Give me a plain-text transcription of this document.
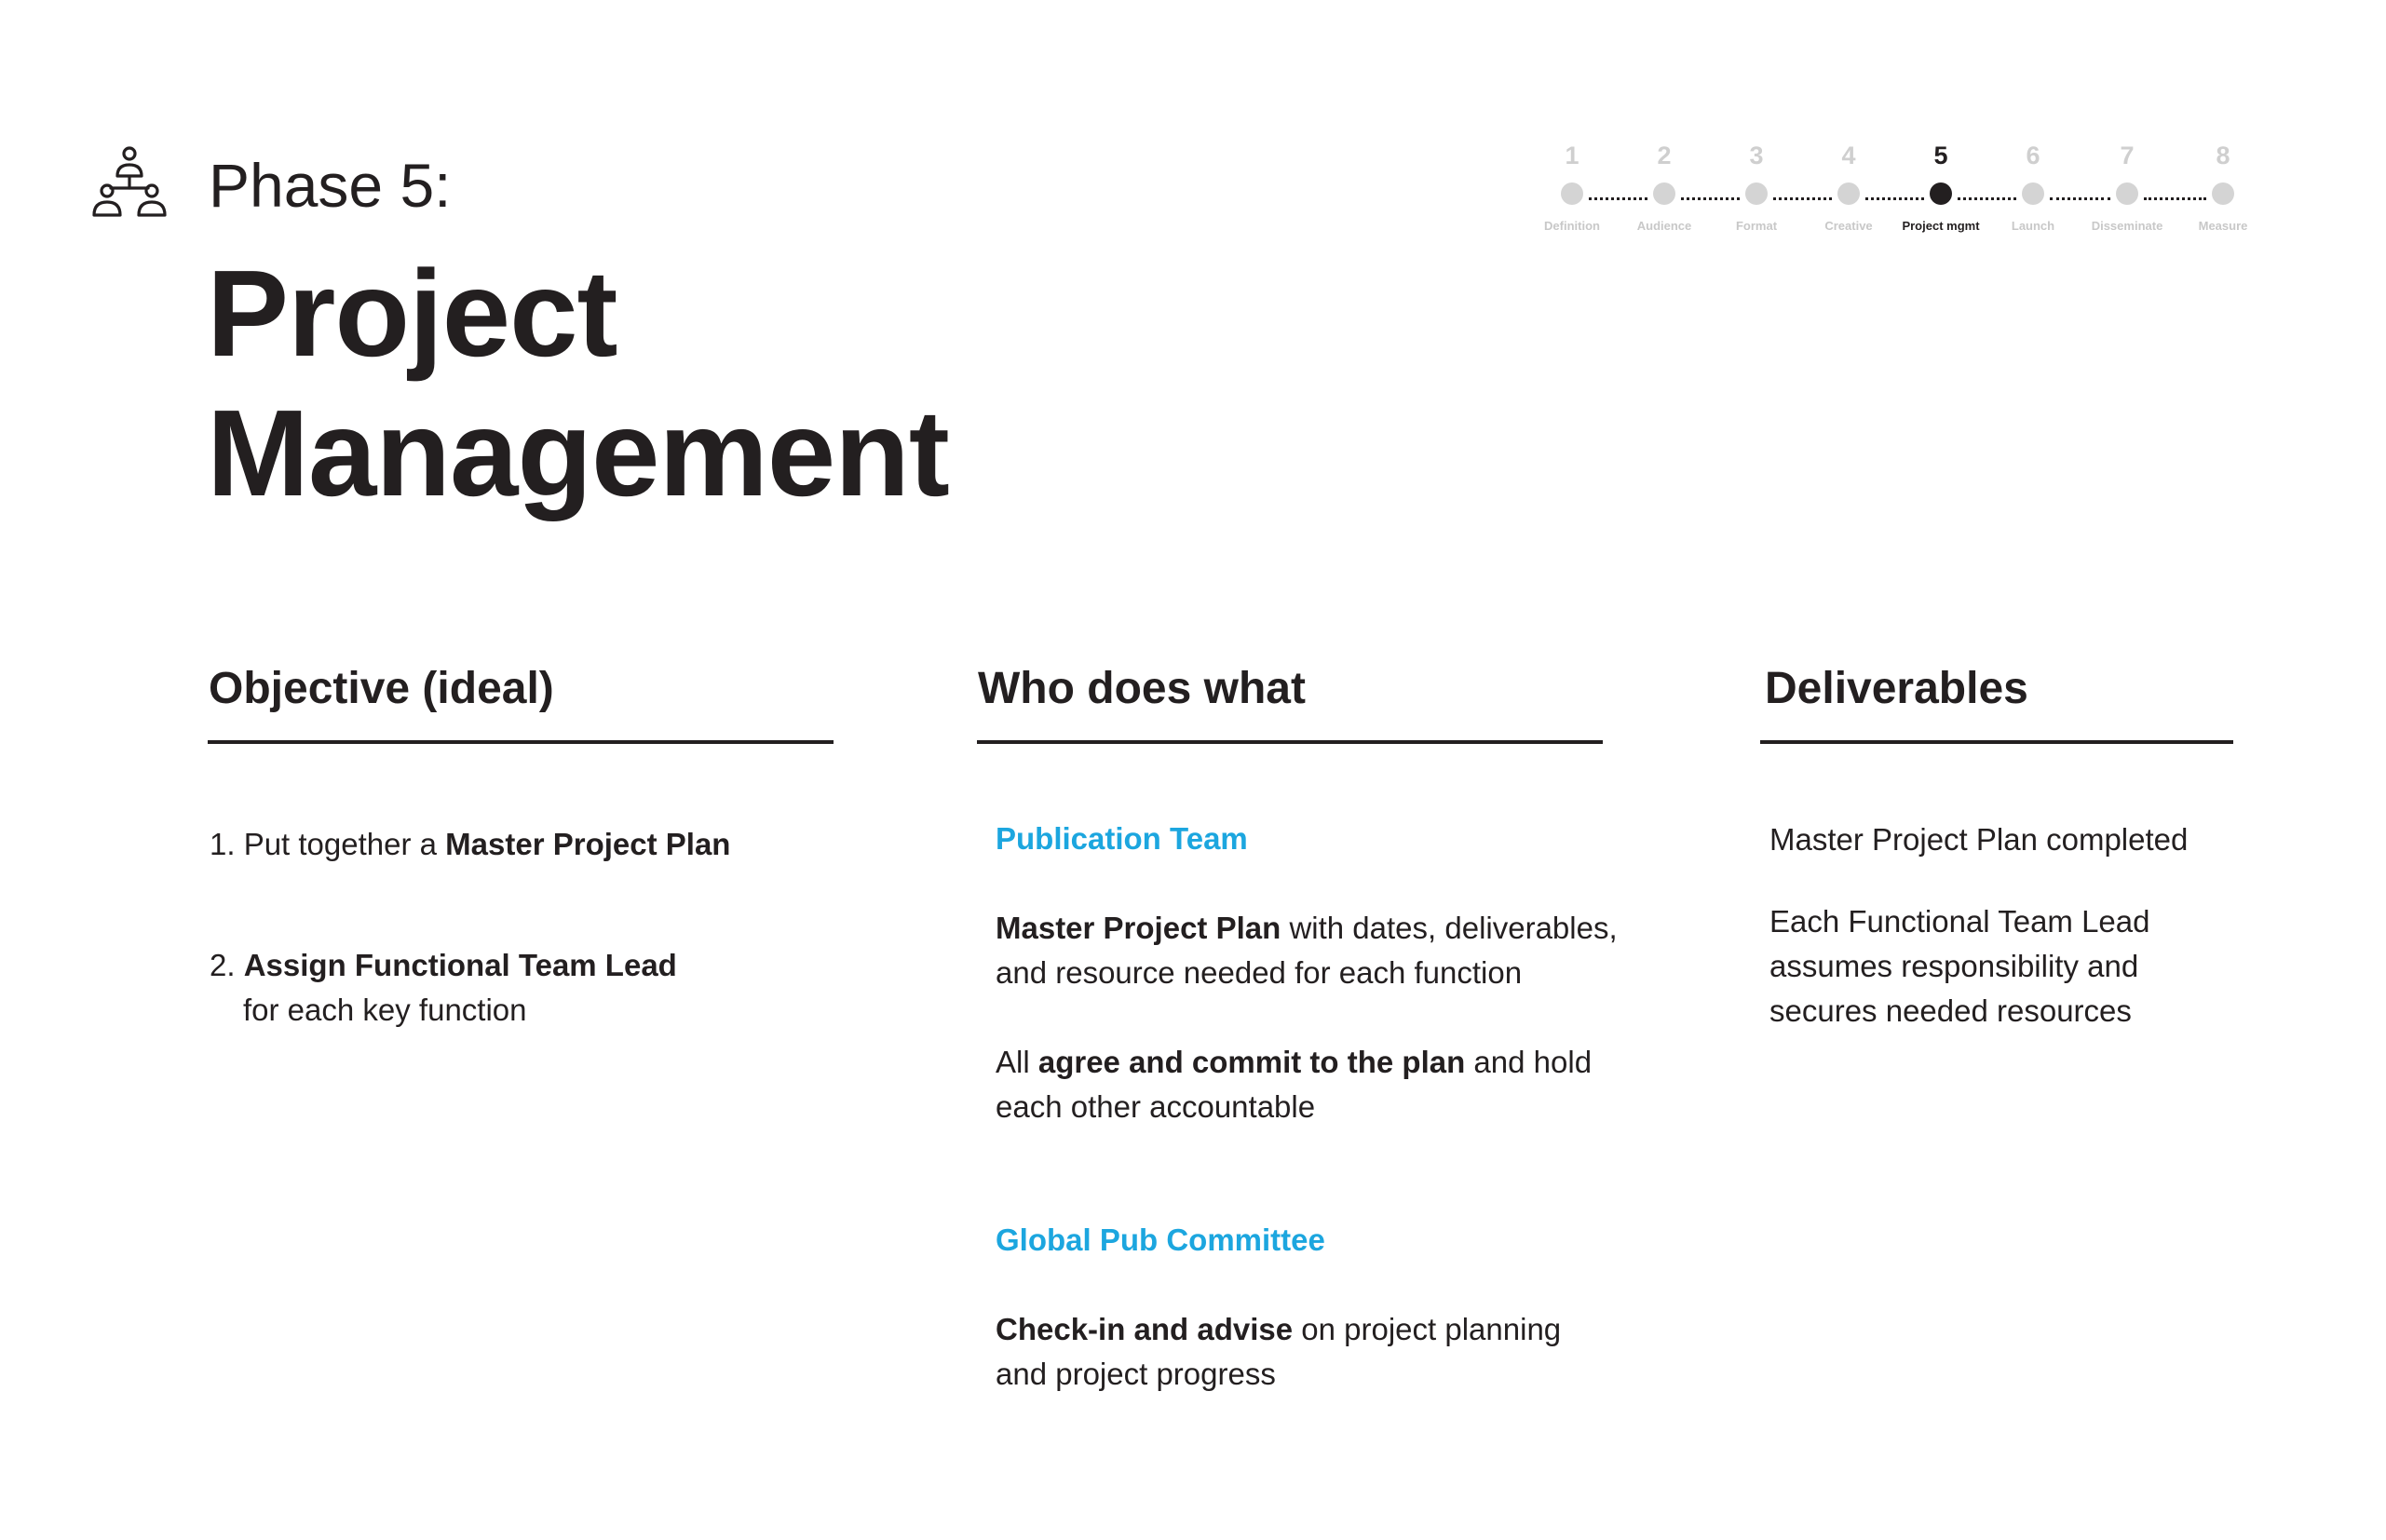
Phase 5:
Project
Management
1
Definition
2
Audience
3
Format
4
Creative
5
Project mgmt
6
Launch
7
Disseminate
8
Measure
Objective (ideal)
1. Put together a Master Project Plan
2. Assign Functional Team Lead
for each key function
Who does what
Publication Team
Master Project Plan with dates, deliverables,
and resource needed for each function
All agree and commit to the plan and hold
each other accountable
Global Pub Committee
Check-in and advise on project planning
and project progress
Deliverables
Master Project Plan completed
Each Functional Team Lead
assumes responsibility and
secures needed resources
